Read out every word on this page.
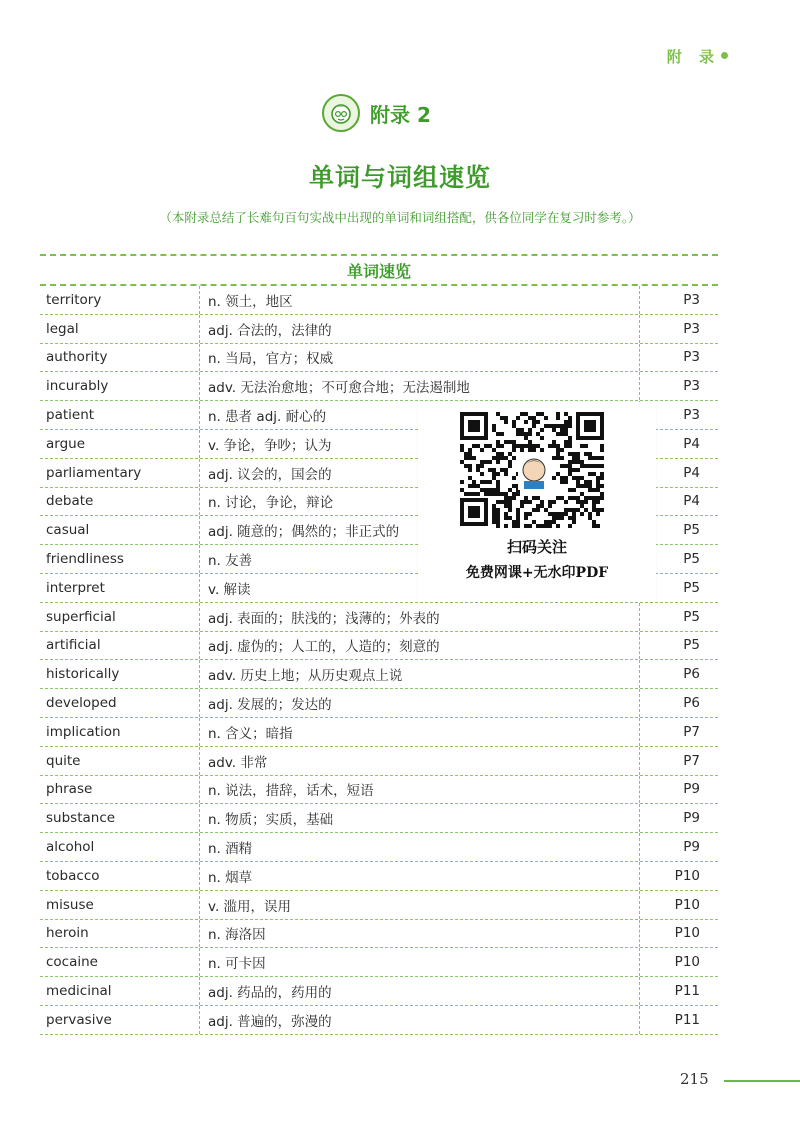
附 录
附录 2
单词与词组速览
（本附录总结了长难句百句实战中出现的单词和词组搭配，供各位同学在复习时参考。）
单词速览
territory	n. 领土，地区	P3
legal	adj. 合法的，法律的	P3
authority	n. 当局，官方；权威	P3
incurably	adv. 无法治愈地；不可愈合地；无法遏制地	P3
patient	n. 患者 adj. 耐心的	P3
argue	v. 争论，争吵；认为	P4
parliamentary	adj. 议会的，国会的	P4
debate	n. 讨论，争论，辩论	P4
casual	adj. 随意的；偶然的；非正式的	P5
friendliness	n. 友善	P5
interpret	v. 解读	P5
superficial	adj. 表面的；肤浅的；浅薄的；外表的	P5
artificial	adj. 虚伪的；人工的，人造的；刻意的	P5
historically	adv. 历史上地；从历史观点上说	P6
developed	adj. 发展的；发达的	P6
implication	n. 含义；暗指	P7
quite	adv. 非常	P7
phrase	n. 说法，措辞，话术，短语	P9
substance	n. 物质；实质，基础	P9
alcohol	n. 酒精	P9
tobacco	n. 烟草	P10
misuse	v. 滥用，误用	P10
heroin	n. 海洛因	P10
cocaine	n. 可卡因	P10
medicinal	adj. 药品的，药用的	P11
pervasive	adj. 普遍的，弥漫的	P11
扫码关注
免费网课+无水印PDF
215
